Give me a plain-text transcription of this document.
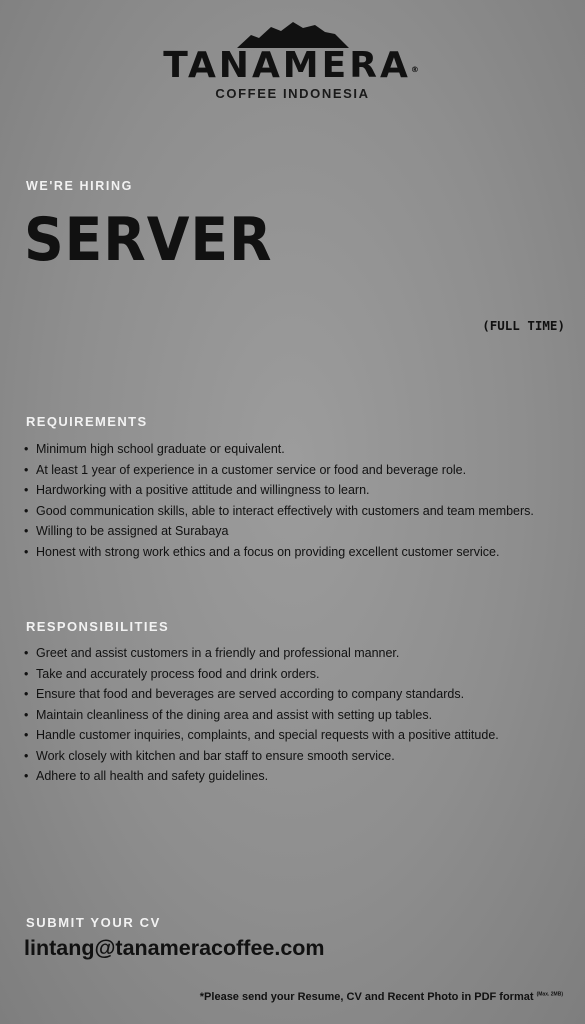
TANAMERA®
COFFEE INDONESIA
WE'RE HIRING
SERVER
(FULL TIME)
REQUIREMENTS
• Minimum high school graduate or equivalent.
• At least 1 year of experience in a customer service or food and beverage role.
• Hardworking with a positive attitude and willingness to learn.
• Good communication skills, able to interact effectively with customers and team members.
• Willing to be assigned at Surabaya
• Honest with strong work ethics and a focus on providing excellent customer service.
RESPONSIBILITIES
• Greet and assist customers in a friendly and professional manner.
• Take and accurately process food and drink orders.
• Ensure that food and beverages are served according to company standards.
• Maintain cleanliness of the dining area and assist with setting up tables.
• Handle customer inquiries, complaints, and special requests with a positive attitude.
• Work closely with kitchen and bar staff to ensure smooth service.
• Adhere to all health and safety guidelines.
SUBMIT YOUR CV
lintang@tanameracoffee.com
*Please send your Resume, CV and Recent Photo in PDF format $^{(Max. 2MB)}$
